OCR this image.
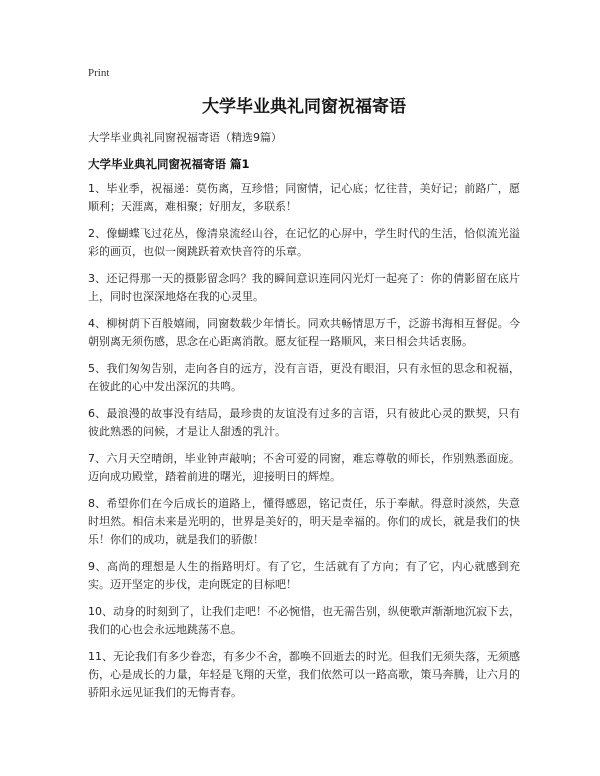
Print
大学毕业典礼同窗祝福寄语

大学毕业典礼同窗祝福寄语（精选9篇）

大学毕业典礼同窗祝福寄语 篇1

1、毕业季，祝福递：莫伤离，互珍惜；同窗情，记心底；忆往昔，美好记；前路广，愿顺利；天涯离，难相聚；好朋友，多联系！

2、像蝴蝶飞过花丛，像清泉流经山谷，在记忆的心屏中，学生时代的生活，恰似流光溢彩的画页，也似一阕跳跃着欢快音符的乐章。

3、还记得那一天的摄影留念吗？我的瞬间意识连同闪光灯一起亮了：你的倩影留在底片上，同时也深深地烙在我的心灵里。

4、柳树荫下百般嬉闹，同窗数载少年情长。同欢共畅情思万千，泛游书海相互督促。今朝别离无须伤感，思念在心距离消散。愿友征程一路顺风，来日相会共话衷肠。

5、我们匆匆告别，走向各自的远方，没有言语，更没有眼泪，只有永恒的思念和祝福，在彼此的心中发出深沉的共鸣。

6、最浪漫的故事没有结局，最珍贵的友谊没有过多的言语，只有彼此心灵的默契，只有彼此熟悉的问候，才是让人甜透的乳汁。

7、六月天空晴朗，毕业钟声敲响；不舍可爱的同窗，难忘尊敬的师长，作别熟悉面庞。迈向成功殿堂，踏着前进的曙光，迎接明日的辉煌。

8、希望你们在今后成长的道路上，懂得感恩，铭记责任，乐于奉献。得意时淡然，失意时坦然。相信未来是光明的，世界是美好的，明天是幸福的。你们的成长，就是我们的快乐！你们的成功，就是我们的骄傲！

9、高尚的理想是人生的指路明灯。有了它，生活就有了方向；有了它，内心就感到充实。迈开坚定的步伐，走向既定的目标吧！

10、动身的时刻到了，让我们走吧！不必惋惜，也无需告别，纵使歌声渐渐地沉寂下去，我们的心也会永远地跳荡不息。

11、无论我们有多少眷恋，有多少不舍，都唤不回逝去的时光。但我们无须失落，无须感伤，心是成长的力量，年轻是飞翔的天堂，我们依然可以一路高歌，策马奔腾，让六月的骄阳永远见证我们的无悔青春。
